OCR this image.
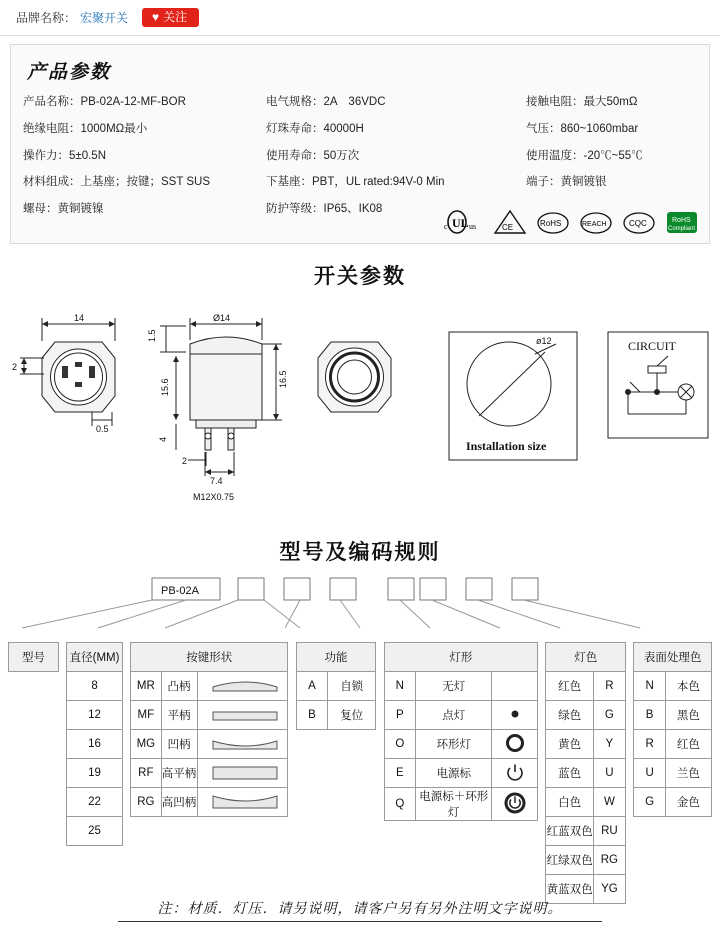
品牌名称： 宏聚开关 ♥ 关注
产品参数
产品名称：PB-02A-12-MF-BOR	电气规格：2A　36VDC	接触电阻：最大50mΩ
绝缘电阻：1000MΩ最小	灯珠寿命：40000H	气压：860~1060mbar
操作力：5±0.5N	使用寿命：50万次	使用温度：-20℃~55℃
材料组成：上基座；按键；SST SUS	下基座：PBT，UL rated:94V-0 Min	端子：黄铜镀银
螺母：黄铜镀镍	防护等级：IP65、IK08
c UL us	CE	RoHS	REACH	CQC	RoHS
Compliant
开关参数
14
2
0.5
Ø14
1.5
15.6	16.5
4
2
7.4
M12X0.75
ø12
Installation size
CIRCUIT
型号及编码规则
PB-02A
型号 直径(MM)
8
12
16
19
22
25
按键形状		
MR	凸柄	
MF	平柄	
MG	凹柄	
RF	高平柄	
RG	高凹柄	
功能	
A	自锁
B	复位
灯形		
N	无灯	
P	点灯	
O	环形灯	
E	电源标	
Q	电源标＋环形灯	
灯色	
红色	R
绿色	G
黄色	Y
蓝色	U
白色	W
红蓝双色	RU
红绿双色	RG
黄蓝双色	YG
表面处理色	
N	本色
B	黑色
R	红色
U	兰色
G	金色
注：材质．灯压．请另说明，请客户另有另外注明文字说明。
